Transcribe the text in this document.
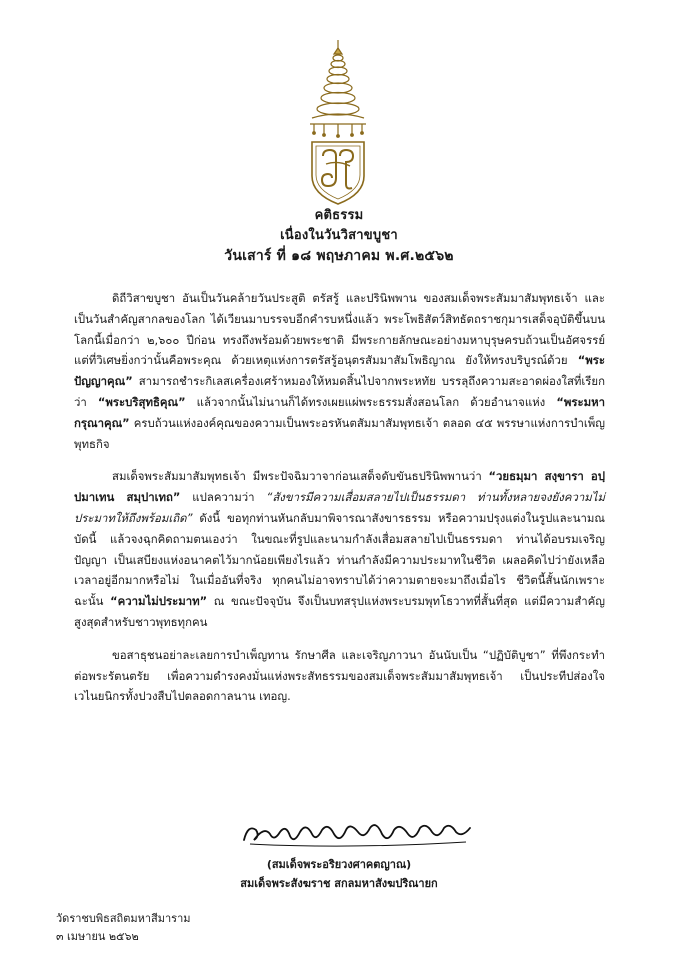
คติธรรม
เนื่องในวันวิสาขบูชา
วันเสาร์ ที่ ๑๘ พฤษภาคม พ.ศ.๒๕๖๒

ดิถีวิสาขบูชา อันเป็นวันคล้ายวันประสูติ ตรัสรู้ และปรินิพพาน ของสมเด็จพระสัมมาสัมพุทธเจ้า และเป็นวันสำคัญสากลของโลก ได้เวียนมาบรรจบอีกคำรบหนึ่งแล้ว พระโพธิสัตว์สิทธัตถราชกุมารเสด็จอุบัติขึ้นบนโลกนี้เมื่อกว่า ๒,๖๐๐ ปีก่อน ทรงถึงพร้อมด้วยพระชาติ มีพระกายลักษณะอย่างมหาบุรุษครบถ้วนเป็นอัศจรรย์ แต่ที่วิเศษยิ่งกว่านั้นคือพระคุณ ด้วยเหตุแห่งการตรัสรู้อนุตรสัมมาสัมโพธิญาณ ยังให้ทรงบริบูรณ์ด้วย “พระปัญญาคุณ” สามารถชำระกิเลสเครื่องเศร้าหมองให้หมดสิ้นไปจากพระหทัย บรรลุถึงความสะอาดผ่องใสที่เรียกว่า “พระบริสุทธิคุณ” แล้วจากนั้นไม่นานก็ได้ทรงเผยแผ่พระธรรมสั่งสอนโลก ด้วยอำนาจแห่ง “พระมหากรุณาคุณ” ครบถ้วนแห่งองค์คุณของความเป็นพระอรหันตสัมมาสัมพุทธเจ้า ตลอด ๔๕ พรรษาแห่งการบำเพ็ญพุทธกิจ

สมเด็จพระสัมมาสัมพุทธเจ้า มีพระปัจฉิมวาจาก่อนเสด็จดับขันธปรินิพพานว่า “วยธมฺมา สงฺขารา อปฺปมาเทน สมฺปาเทถ” แปลความว่า “สังขารมีความเสื่อมสลายไปเป็นธรรมดา ท่านทั้งหลายจงยังความไม่ประมาทให้ถึงพร้อมเถิด” ดังนี้ ขอทุกท่านหันกลับมาพิจารณาสังขารธรรม หรือความปรุงแต่งในรูปและนามณ บัดนี้ แล้วจงฉุกคิดถามตนเองว่า ในขณะที่รูปและนามกำลังเสื่อมสลายไปเป็นธรรมดา ท่านได้อบรมเจริญปัญญา เป็นเสบียงแห่งอนาคตไว้มากน้อยเพียงไรแล้ว ท่านกำลังมีความประมาทในชีวิต เผลอคิดไปว่ายังเหลือเวลาอยู่อีกมากหรือไม่ ในเมื่ออันที่จริง ทุกคนไม่อาจทราบได้ว่าความตายจะมาถึงเมื่อไร ชีวิตนี้สั้นนักเพราะฉะนั้น “ความไม่ประมาท” ณ ขณะปัจจุบัน จึงเป็นบทสรุปแห่งพระบรมพุทโธวาทที่สั้นที่สุด แต่มีความสำคัญสูงสุดสำหรับชาวพุทธทุกคน

ขอสาธุชนอย่าละเลยการบำเพ็ญทาน รักษาศีล และเจริญภาวนา อันนับเป็น “ปฏิบัติบูชา” ที่พึงกระทำต่อพระรัตนตรัย เพื่อความดำรงคงมั่นแห่งพระสัทธรรมของสมเด็จพระสัมมาสัมพุทธเจ้า เป็นประทีปส่องใจเวไนยนิกรทั้งปวงสืบไปตลอดกาลนาน เทอญ.

(สมเด็จพระอริยวงศาคตญาณ)
สมเด็จพระสังฆราช สกลมหาสังฆปริณายก
วัดราชบพิธสถิตมหาสีมาราม
๓ เมษายน ๒๕๖๒
